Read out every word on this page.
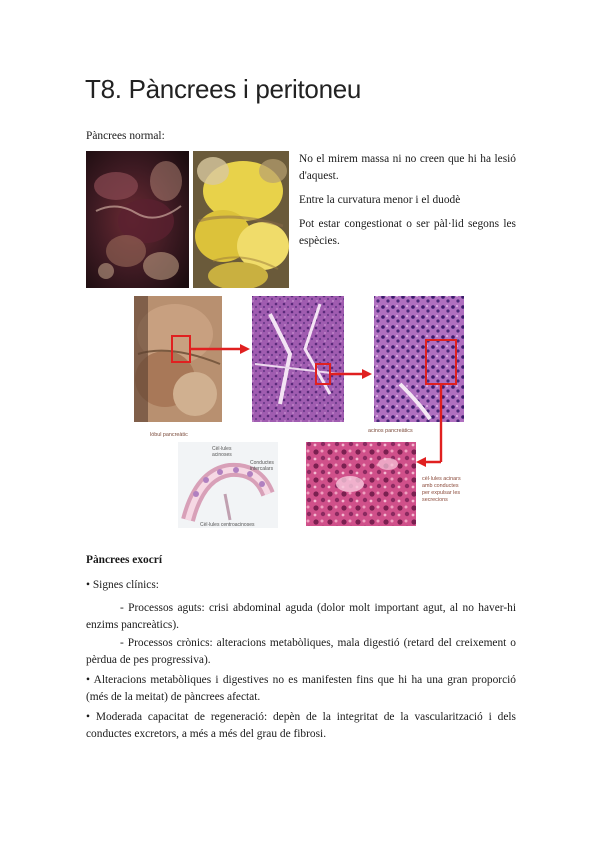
T8. Pàncrees i peritoneu
Pàncrees normal:

No el mirem massa ni no creen que hi ha lesió d'aquest.

Entre la curvatura menor i el duodè

Pot estar congestionat o ser pàl·lid segons les espècies.

lóbul pancreàtic
acinos pancreàtics
Cèl·lules
acinoses
Conductes
intercalars
Cèl·lules centroacinoses
cèl·lules acinars
amb conductes
per expulsar les
secrecions
Pàncrees exocrí
• Signes clínics:
- Processos aguts: crisi abdominal aguda (dolor molt important agut, al no haver-hi enzims pancreàtics).
- Processos crònics: alteracions metabòliques, mala digestió (retard del creixement o pèrdua de pes progressiva).
• Alteracions metabòliques i digestives no es manifesten fins que hi ha una gran proporció (més de la meitat) de pàncrees afectat.
• Moderada capacitat de regeneració: depèn de la integritat de la vascularització i dels conductes excretors, a més a més del grau de fibrosi.
